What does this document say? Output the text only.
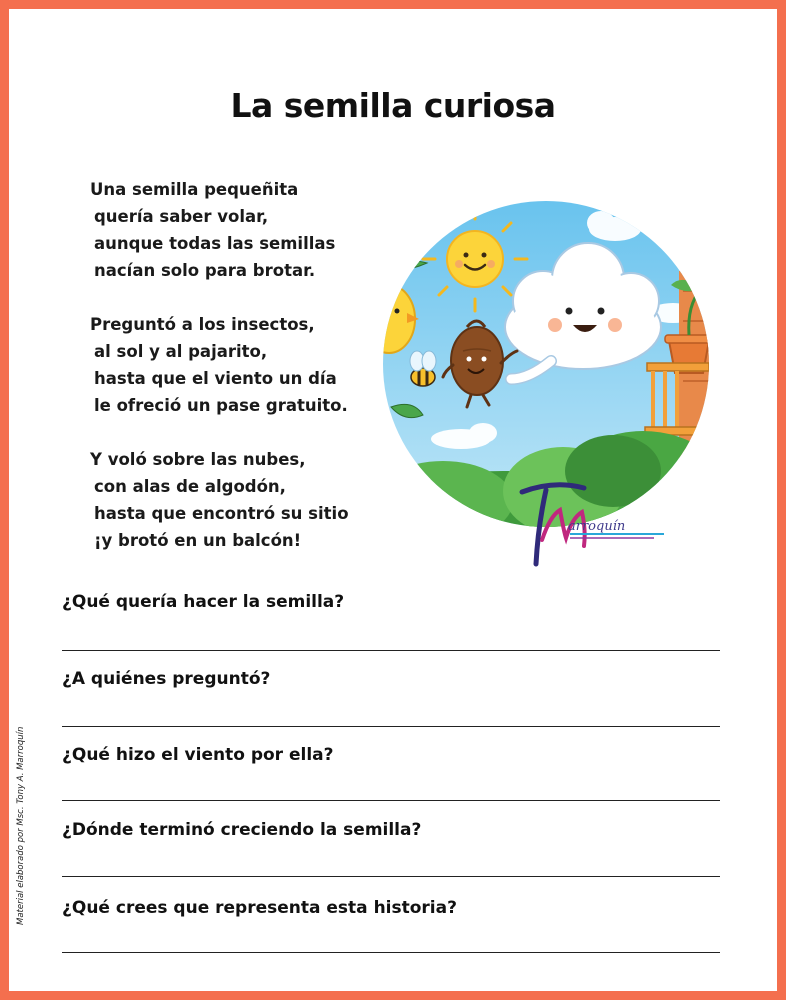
La semilla curiosa
Una semilla pequeñita
quería saber volar,
aunque todas las semillas
nacían solo para brotar.
Preguntó a los insectos,
al sol y al pajarito,
hasta que el viento un día
le ofreció un pase gratuito.
Y voló sobre las nubes,
con alas de algodón,
hasta que encontró su sitio
¡y brotó en un balcón!
arroquín
¿Qué quería hacer la semilla?
¿A quiénes preguntó?
¿Qué hizo el viento por ella?
¿Dónde terminó creciendo la semilla?
¿Qué crees que representa esta historia?
Material elaborado por Msc. Tony A. Marroquín
